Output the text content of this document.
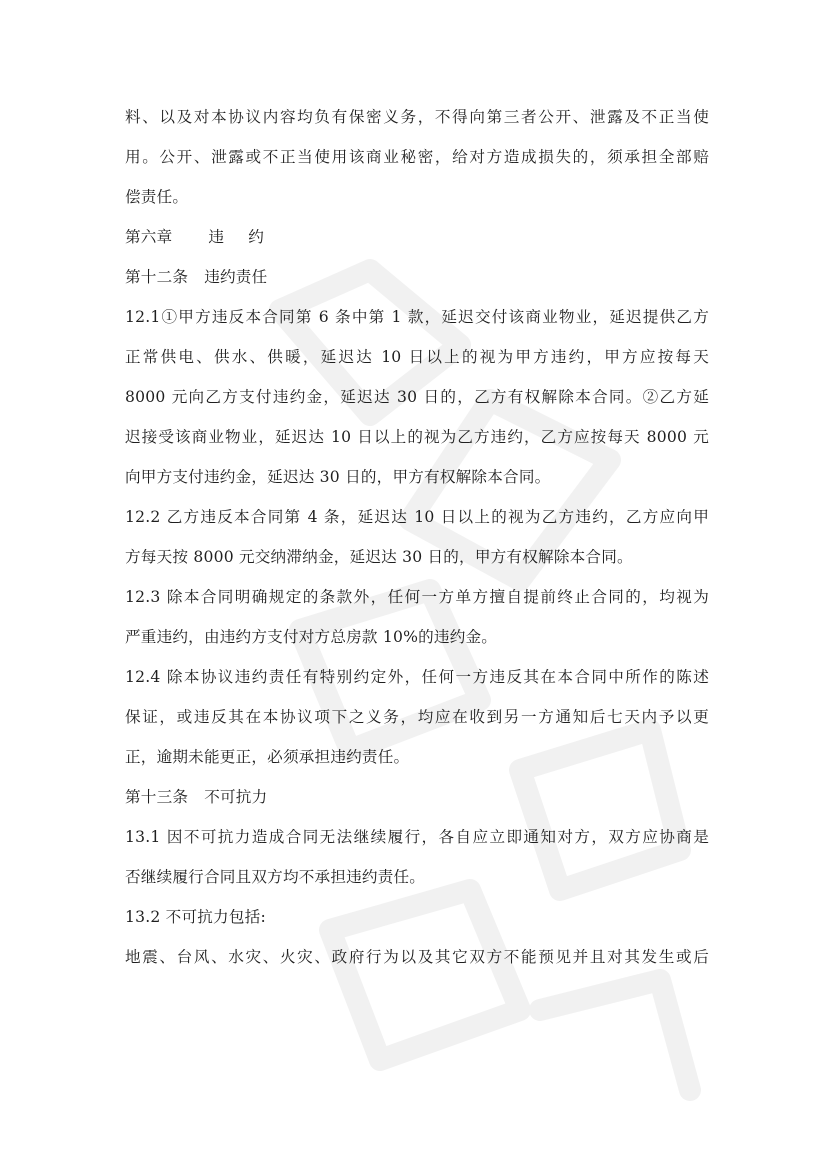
料、以及对本协议内容均负有保密义务，不得向第三者公开、泄露及不正当使
用。公开、泄露或不正当使用该商业秘密，给对方造成损失的，须承担全部赔
偿责任。
第六章 违 约
第十二条 违约责任
12.1①甲方违反本合同第 6 条中第 1 款，延迟交付该商业物业，延迟提供乙方
正常供电、供水、供暖，延迟达 10 日以上的视为甲方违约，甲方应按每天
8000 元向乙方支付违约金，延迟达 30 日的，乙方有权解除本合同。②乙方延
迟接受该商业物业，延迟达 10 日以上的视为乙方违约，乙方应按每天 8000 元
向甲方支付违约金，延迟达 30 日的，甲方有权解除本合同。
12.2 乙方违反本合同第 4 条，延迟达 10 日以上的视为乙方违约，乙方应向甲
方每天按 8000 元交纳滞纳金，延迟达 30 日的，甲方有权解除本合同。
12.3 除本合同明确规定的条款外，任何一方单方擅自提前终止合同的，均视为
严重违约，由违约方支付对方总房款 10%的违约金。
12.4 除本协议违约责任有特别约定外，任何一方违反其在本合同中所作的陈述
保证，或违反其在本协议项下之义务，均应在收到另一方通知后七天内予以更
正，逾期未能更正，必须承担违约责任。
第十三条 不可抗力
13.1 因不可抗力造成合同无法继续履行，各自应立即通知对方，双方应协商是
否继续履行合同且双方均不承担违约责任。
13.2 不可抗力包括:
地震、台风、水灾、火灾、政府行为以及其它双方不能预见并且对其发生或后
